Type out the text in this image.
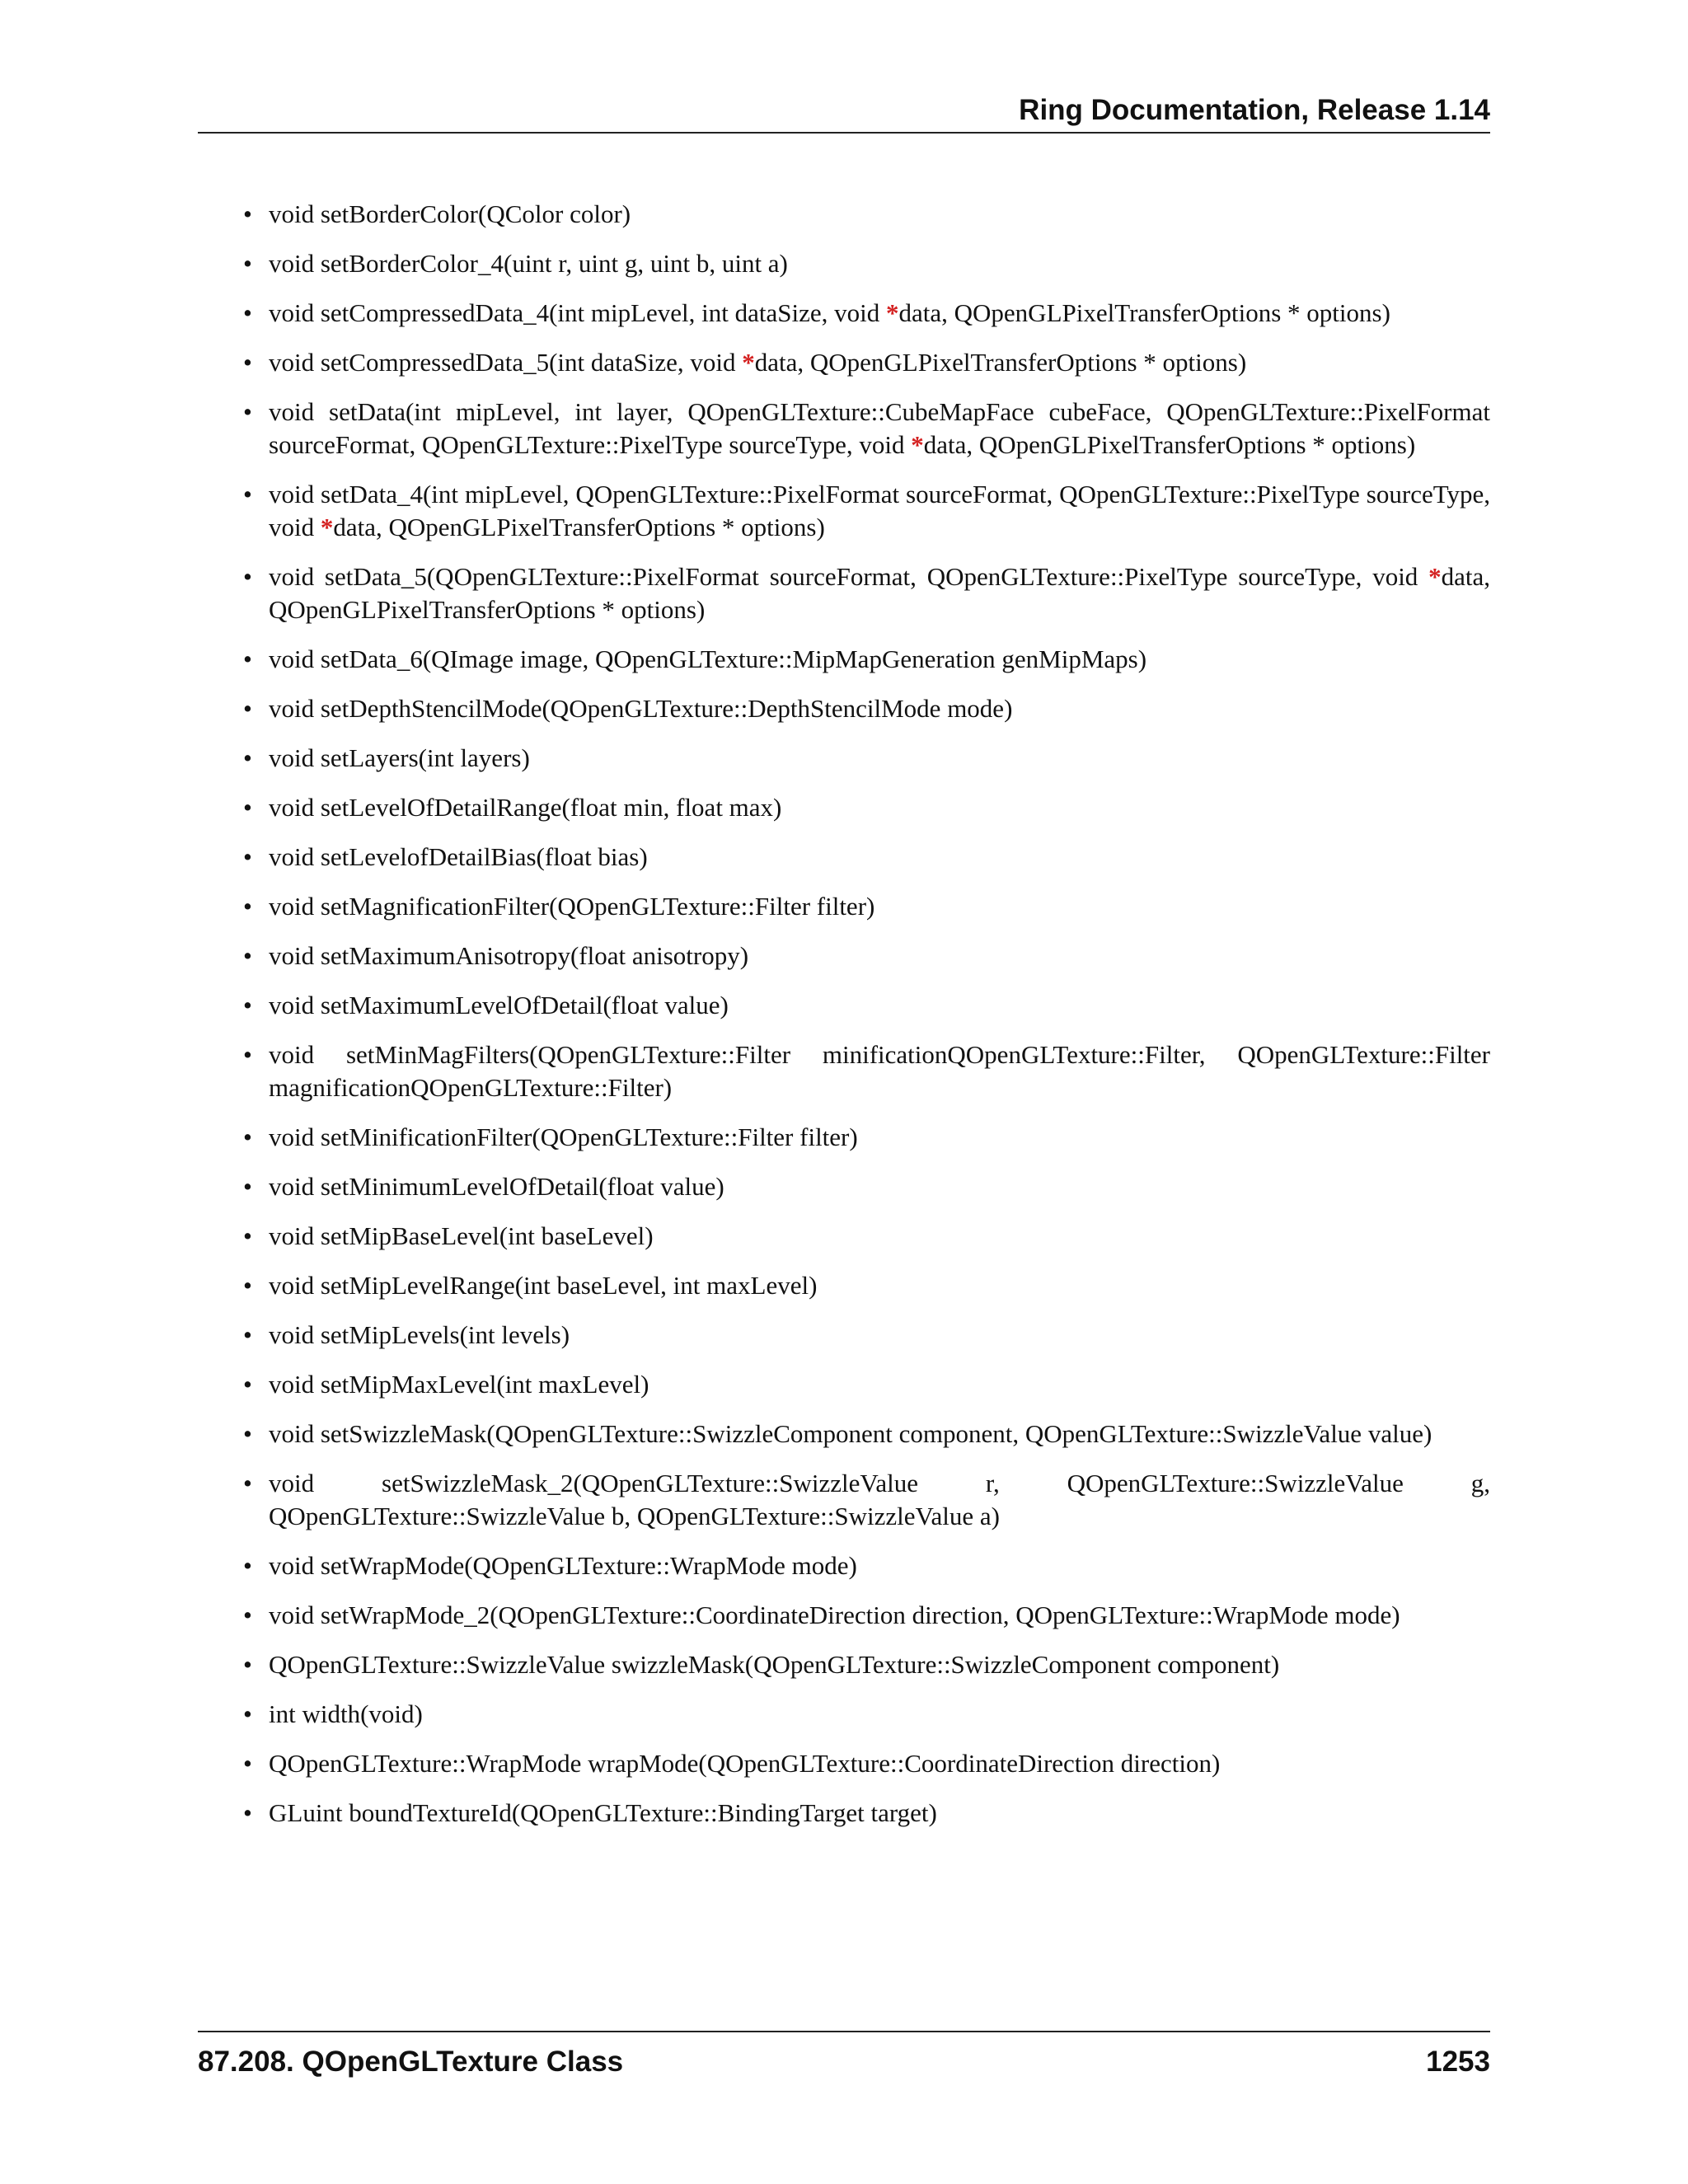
Ring Documentation, Release 1.14
• void setBorderColor(QColor color)
• void setBorderColor_4(uint r, uint g, uint b, uint a)
• void setCompressedData_4(int mipLevel, int dataSize, void *data, QOpenGLPixelTransferOptions * options)
• void setCompressedData_5(int dataSize, void *data, QOpenGLPixelTransferOptions * options)
• void setData(int mipLevel, int layer, QOpenGLTexture::CubeMapFace cubeFace, QOpenGLTexture::PixelFormat sourceFormat, QOpenGLTexture::PixelType sourceType, void *data, QOpenGLPixelTransferOptions * options)
• void setData_4(int mipLevel, QOpenGLTexture::PixelFormat sourceFormat, QOpenGLTexture::PixelType sourceType, void *data, QOpenGLPixelTransferOptions * options)
• void setData_5(QOpenGLTexture::PixelFormat sourceFormat, QOpenGLTexture::PixelType sourceType, void *data, QOpenGLPixelTransferOptions * options)
• void setData_6(QImage image, QOpenGLTexture::MipMapGeneration genMipMaps)
• void setDepthStencilMode(QOpenGLTexture::DepthStencilMode mode)
• void setLayers(int layers)
• void setLevelOfDetailRange(float min, float max)
• void setLevelofDetailBias(float bias)
• void setMagnificationFilter(QOpenGLTexture::Filter filter)
• void setMaximumAnisotropy(float anisotropy)
• void setMaximumLevelOfDetail(float value)
• void setMinMagFilters(QOpenGLTexture::Filter minificationQOpenGLTexture::Filter, QOpenGLTexture::Filter magnificationQOpenGLTexture::Filter)
• void setMinificationFilter(QOpenGLTexture::Filter filter)
• void setMinimumLevelOfDetail(float value)
• void setMipBaseLevel(int baseLevel)
• void setMipLevelRange(int baseLevel, int maxLevel)
• void setMipLevels(int levels)
• void setMipMaxLevel(int maxLevel)
• void setSwizzleMask(QOpenGLTexture::SwizzleComponent component, QOpenGLTexture::SwizzleValue value)
• void setSwizzleMask_2(QOpenGLTexture::SwizzleValue r, QOpenGLTexture::SwizzleValue g, QOpenGLTexture::SwizzleValue b, QOpenGLTexture::SwizzleValue a)
• void setWrapMode(QOpenGLTexture::WrapMode mode)
• void setWrapMode_2(QOpenGLTexture::CoordinateDirection direction, QOpenGLTexture::WrapMode mode)
• QOpenGLTexture::SwizzleValue swizzleMask(QOpenGLTexture::SwizzleComponent component)
• int width(void)
• QOpenGLTexture::WrapMode wrapMode(QOpenGLTexture::CoordinateDirection direction)
• GLuint boundTextureId(QOpenGLTexture::BindingTarget target)
87.208. QOpenGLTexture Class	1253
